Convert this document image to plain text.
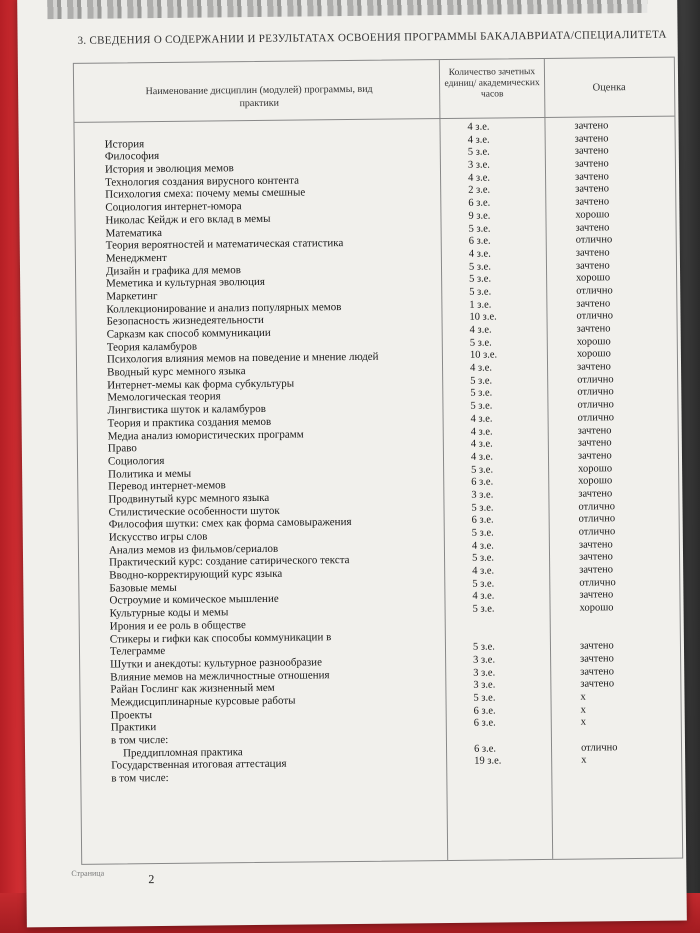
3. СВЕДЕНИЯ О СОДЕРЖАНИИ И РЕЗУЛЬТАТАХ ОСВОЕНИЯ ПРОГРАММЫ БАКАЛАВРИАТА/СПЕЦИАЛИТЕТА
Наименование дисциплин (модулей) программы, вид практики
Количество зачетных единиц/ академических часов
Оценка
4 з.е.	зачтено
История	4 з.е.	зачтено
Философия	5 з.е.	зачтено
История и эволюция мемов	3 з.е.	зачтено
Технология создания вирусного контента	4 з.е.	зачтено
Психология смеха: почему мемы смешные	2 з.е.	зачтено
Социология интернет-юмора	6 з.е.	зачтено
Николас Кейдж и его вклад в мемы	9 з.е.	хорошо
Математика	5 з.е.	зачтено
Теория вероятностей и математическая статистика	6 з.е.	отлично
Менеджмент	4 з.е.	зачтено
Дизайн и графика для мемов	5 з.е.	зачтено
Меметика и культурная эволюция	5 з.е.	хорошо
Маркетинг	5 з.е.	отлично
Коллекционирование и анализ популярных мемов	1 з.е.	зачтено
Безопасность жизнедеятельности	10 з.е.	отлично
Сарказм как способ коммуникации	4 з.е.	зачтено
Теория каламбуров	5 з.е.	хорошо
Психология влияния мемов на поведение и мнение людей	10 з.е.	хорошо
Вводный курс мемного языка	4 з.е.	зачтено
Интернет-мемы как форма субкультуры	5 з.е.	отлично
Мемологическая теория	5 з.е.	отлично
Лингвистика шуток и каламбуров	5 з.е.	отлично
Теория и практика создания мемов	4 з.е.	отлично
Медиа анализ юмористических программ	4 з.е.	зачтено
Право	4 з.е.	зачтено
Социология	4 з.е.	зачтено
Политика и мемы	5 з.е.	хорошо
Перевод интернет-мемов	6 з.е.	хорошо
Продвинутый курс мемного языка	3 з.е.	зачтено
Стилистические особенности шуток	5 з.е.	отлично
Философия шутки: смех как форма самовыражения	6 з.е.	отлично
Искусство игры слов	5 з.е.	отлично
Анализ мемов из фильмов/сериалов	4 з.е.	зачтено
Практический курс: создание сатирического текста	5 з.е.	зачтено
Вводно-корректирующий курс языка	4 з.е.	зачтено
Базовые мемы	5 з.е.	отлично
Остроумие и комическое мышление	4 з.е.	зачтено
Культурные коды и мемы	5 з.е.	хорошо
Ирония и ее роль в обществе
Стикеры и гифки как способы коммуникации в
Телеграмме	5 з.е.	зачтено
Шутки и анекдоты: культурное разнообразие	3 з.е.	зачтено
Влияние мемов на межличностные отношения	3 з.е.	зачтено
Райан Гослинг как жизненный мем	3 з.е.	зачтено
Междисциплинарные курсовые работы	5 з.е.	х
Проекты	6 з.е.	х
Практики	6 з.е.	х
в том числе:
Преддипломная практика	6 з.е.	отлично
Государственная итоговая аттестация	19 з.е.	х
в том числе:
Страница	2
